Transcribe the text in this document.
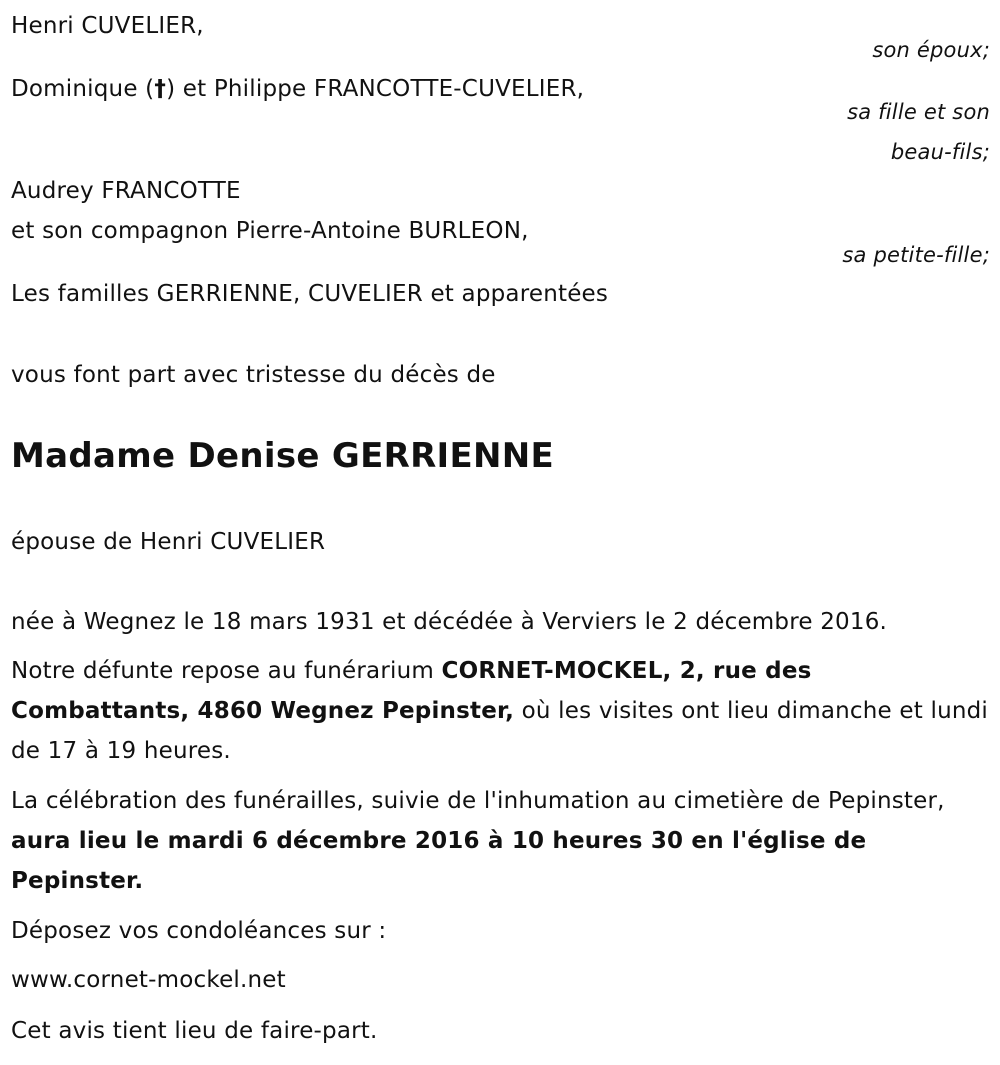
Henri CUVELIER,
son époux;
Dominique (†) et Philippe FRANCOTTE-CUVELIER,
sa fille et son
beau-fils;
Audrey FRANCOTTE
et son compagnon Pierre-Antoine BURLEON,
sa petite-fille;
Les familles GERRIENNE, CUVELIER et apparentées
vous font part avec tristesse du décès de
Madame Denise GERRIENNE
épouse de Henri CUVELIER
née à Wegnez le 18 mars 1931 et décédée à Verviers le 2 décembre 2016.
Notre défunte repose au funérarium CORNET-MOCKEL, 2, rue des Combattants, 4860 Wegnez Pepinster, où les visites ont lieu dimanche et lundi de 17 à 19 heures.
La célébration des funérailles, suivie de l'inhumation au cimetière de Pepinster, aura lieu le mardi 6 décembre 2016 à 10 heures 30 en l'église de Pepinster.
Déposez vos condoléances sur :
www.cornet-mockel.net
Cet avis tient lieu de faire-part.
